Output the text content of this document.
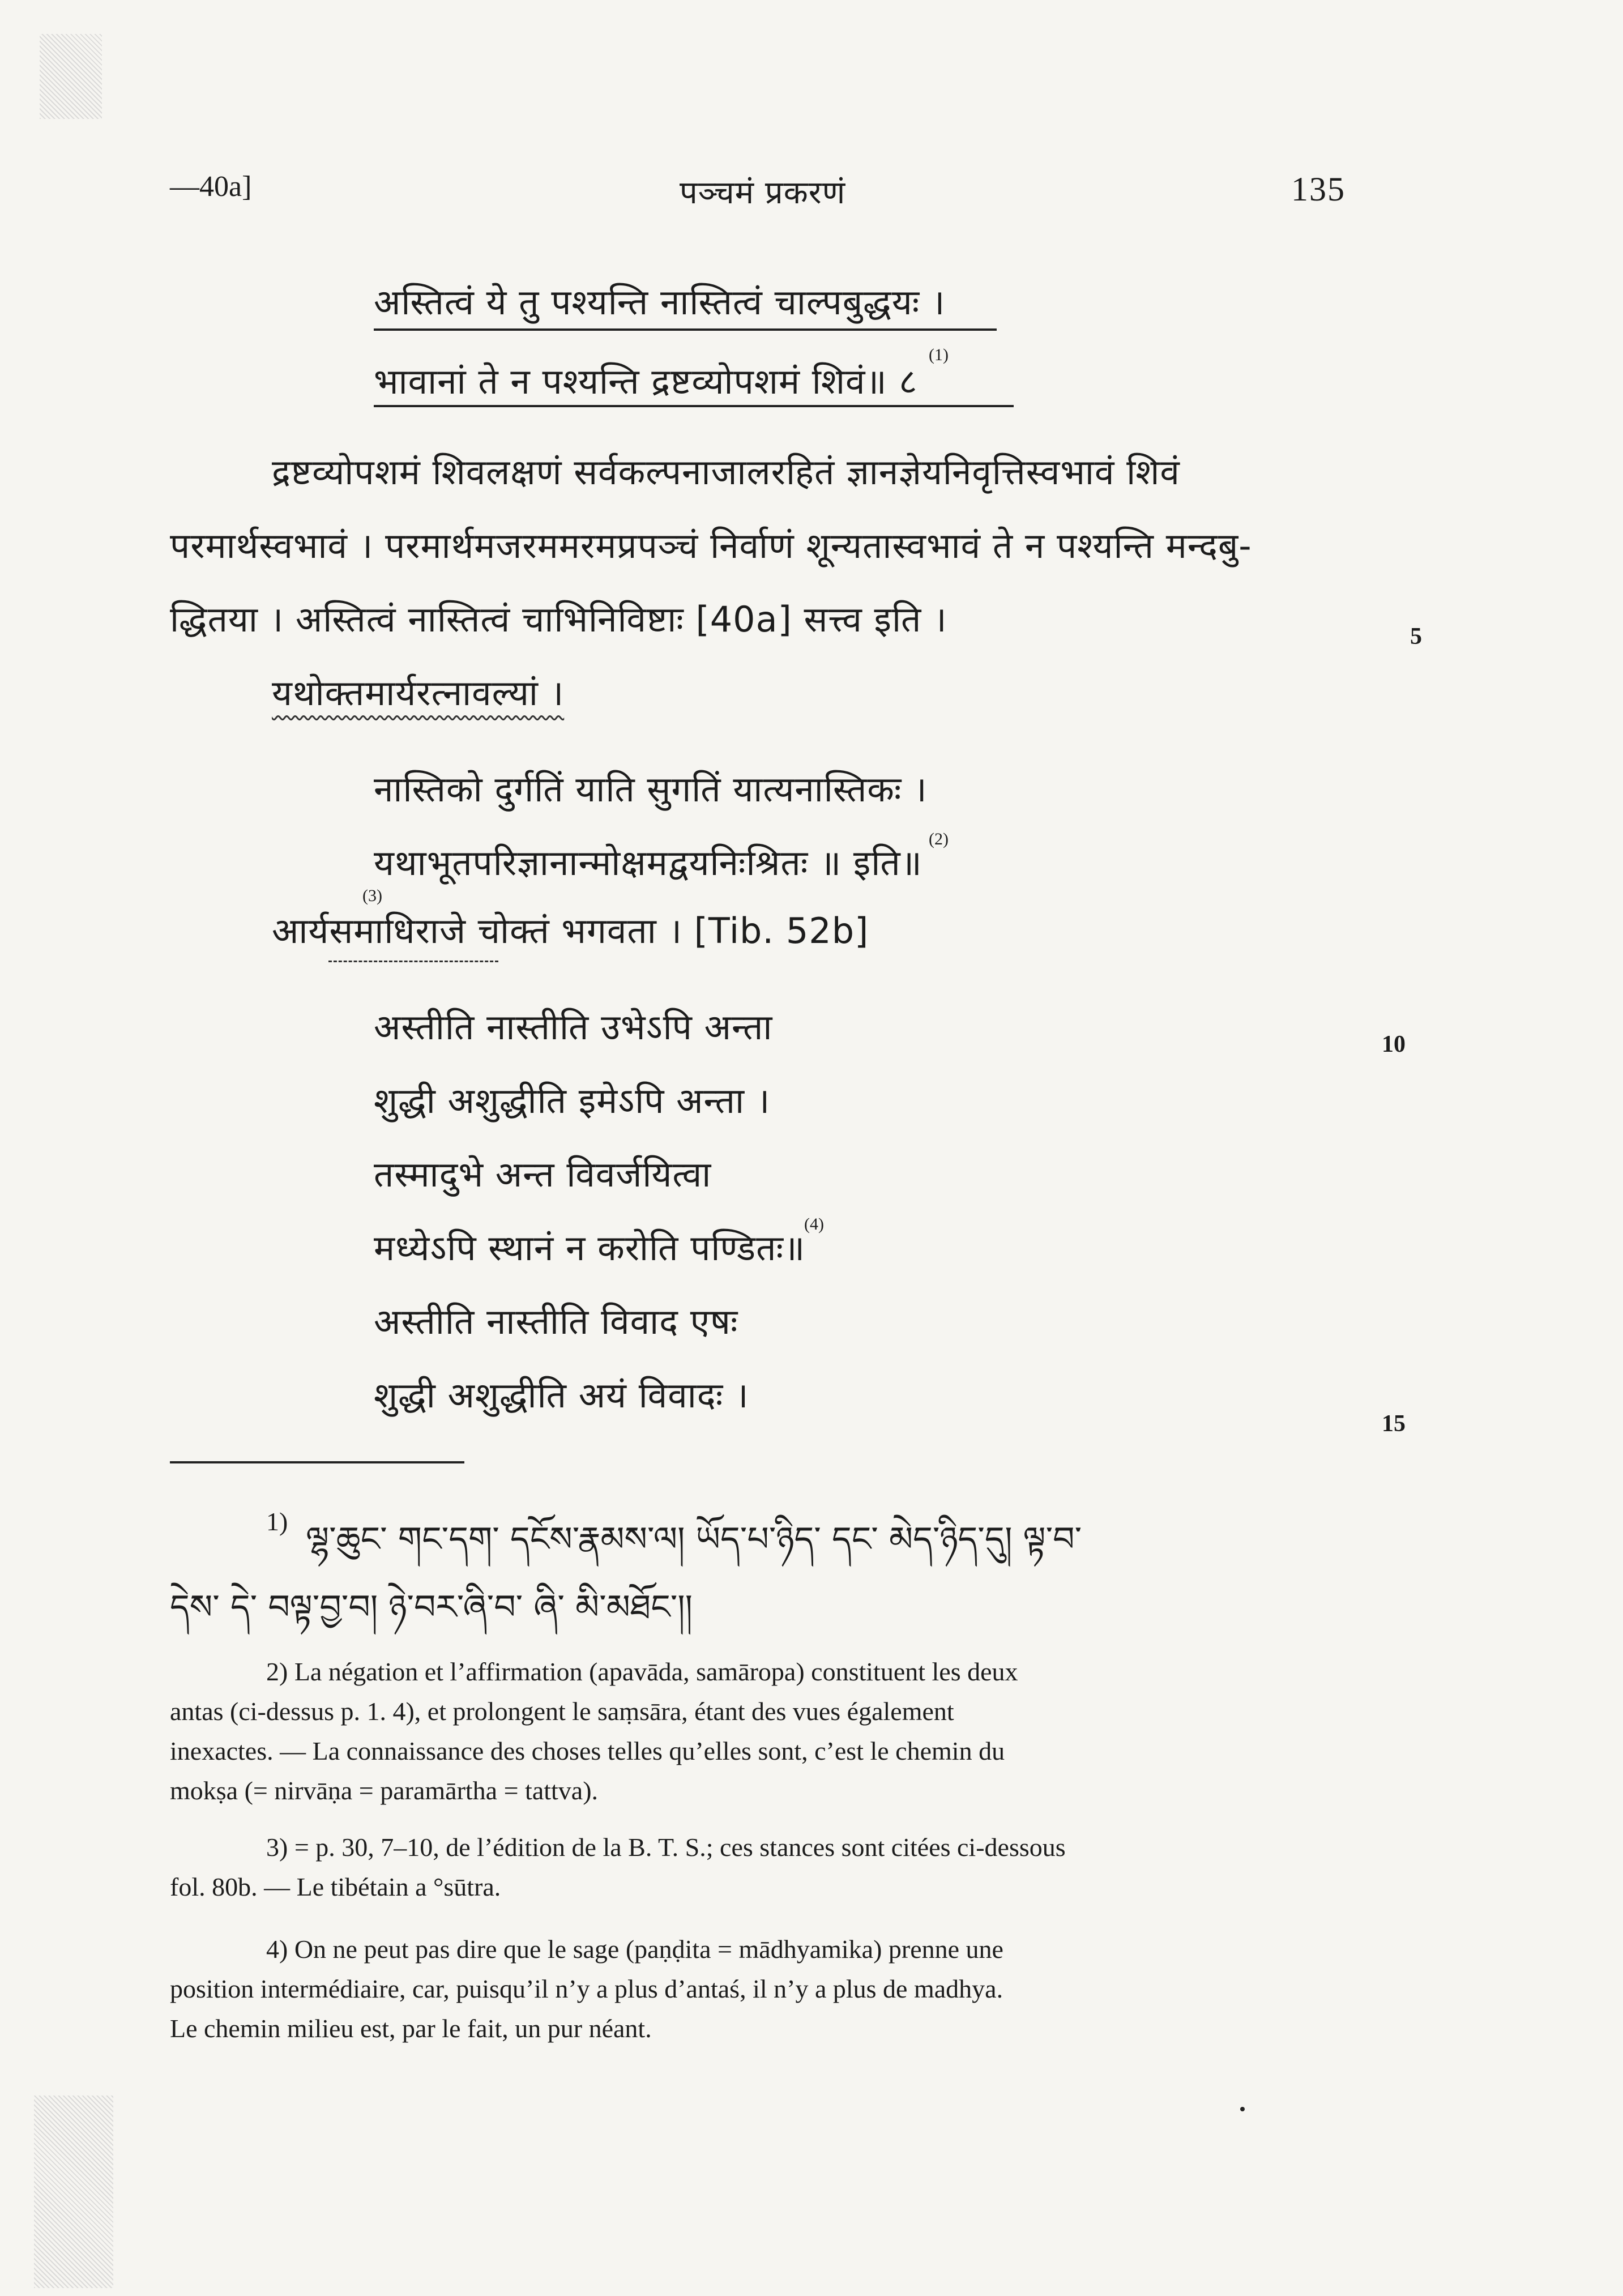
—40a]	पञ्चमं प्रकरणं	135
अस्तित्वं ये तु पश्यन्ति नास्तित्वं चाल्पबुद्धयः ।
भावानां ते न पश्यन्ति द्रष्टव्योपशमं शिवं॥ ८
(1)
द्रष्टव्योपशमं शिवलक्षणं सर्वकल्पनाजालरहितं ज्ञानज्ञेयनिवृत्तिस्वभावं शिवं
परमार्थस्वभावं । परमार्थमजरममरमप्रपञ्चं निर्वाणं शून्यतास्वभावं ते न पश्यन्ति मन्दबु-
द्धितया । अस्तित्वं नास्तित्वं चाभिनिविष्टाः [40a] सत्त्व इति ।	5
यथोक्तमार्यरत्नावल्यां ।
नास्तिको दुर्गतिं याति सुगतिं यात्यनास्तिकः ।
यथाभूतपरिज्ञानान्मोक्षमद्वयनिःश्रितः ॥ इति॥
(2)
(3)
आर्यसमाधिराजे चोक्तं भगवता । [Tib. 52b]
अस्तीति नास्तीति उभेऽपि अन्ता	10
शुद्धी अशुद्धीति इमेऽपि अन्ता ।
तस्मादुभे अन्त विवर्जयित्वा
मध्येऽपि स्थानं न करोति पण्डितः॥
(4)
अस्तीति नास्तीति विवाद एषः
शुद्धी अशुद्धीति अयं विवादः ।
15
1) ལྷ་ཆུང་ གང་དག་ དངོས་རྣམས་ལ། ཡོད་པ་ཉིད་ དང་ མེད་ཉིད་དུ། ལྟ་བ་
དེས་ དེ་ བལྟ་བྱ་བ། ཉེ་བར་ཞི་བ་ ཞི་ མི་མཐོང་།།
2) La négation et l’affirmation (apavāda, samāropa) constituent les deux
antas (ci-dessus p. 1. 4), et prolongent le saṃsāra, étant des vues également
inexactes. — La connaissance des choses telles qu’elles sont, c’est le chemin du
mokṣa (= nirvāṇa = paramārtha = tattva).
3) = p. 30, 7–10, de l’édition de la B. T. S.; ces stances sont citées ci-dessous
fol. 80b. — Le tibétain a °sūtra.
4) On ne peut pas dire que le sage (paṇḍita = mādhyamika) prenne une
position intermédiaire, car, puisqu’il n’y a plus d’antaś, il n’y a plus de madhya.
Le chemin milieu est, par le fait, un pur néant.
